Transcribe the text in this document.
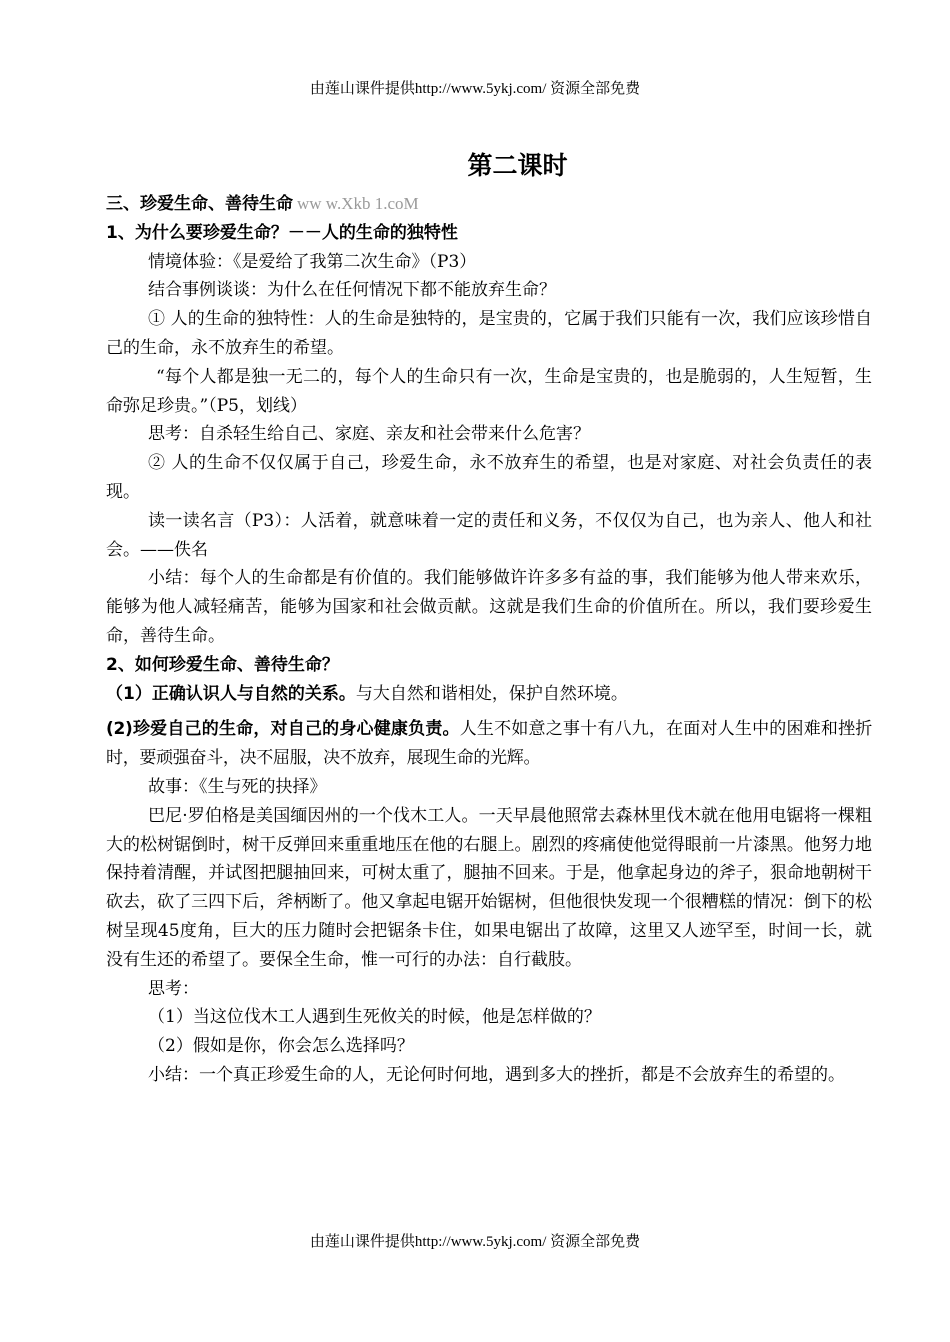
由莲山课件提供http://www.5ykj.com/ 资源全部免费
第二课时

三、珍爱生命、善待生命 ww w.Xkb 1.coM

1、为什么要珍爱生命？－－人的生命的独特性

情境体验：《是爱给了我第二次生命》（P3）

结合事例谈谈：为什么在任何情况下都不能放弃生命？

① 人的生命的独特性：人的生命是独特的，是宝贵的，它属于我们只能有一次，我们应该珍惜自己的生命，永不放弃生的希望。

“每个人都是独一无二的，每个人的生命只有一次，生命是宝贵的，也是脆弱的，人生短暂，生命弥足珍贵。”（P5，划线）

思考：自杀轻生给自己、家庭、亲友和社会带来什么危害？

② 人的生命不仅仅属于自己，珍爱生命，永不放弃生的希望，也是对家庭、对社会负责任的表现。

读一读名言（P3）：人活着，就意味着一定的责任和义务，不仅仅为自己，也为亲人、他人和社会。——佚名

小结：每个人的生命都是有价值的。我们能够做许许多多有益的事，我们能够为他人带来欢乐，能够为他人减轻痛苦，能够为国家和社会做贡献。这就是我们生命的价值所在。所以，我们要珍爱生命，善待生命。

2、如何珍爱生命、善待生命？

（1）正确认识人与自然的关系。与大自然和谐相处，保护自然环境。

(2)珍爱自己的生命，对自己的身心健康负责。人生不如意之事十有八九，在面对人生中的困难和挫折时，要顽强奋斗，决不屈服，决不放弃，展现生命的光辉。

故事：《生与死的抉择》

巴尼·罗伯格是美国缅因州的一个伐木工人。一天早晨他照常去森林里伐木就在他用电锯将一棵粗大的松树锯倒时，树干反弹回来重重地压在他的右腿上。剧烈的疼痛使他觉得眼前一片漆黑。他努力地保持着清醒，并试图把腿抽回来，可树太重了，腿抽不回来。于是，他拿起身边的斧子，狠命地朝树干砍去，砍了三四下后，斧柄断了。他又拿起电锯开始锯树，但他很快发现一个很糟糕的情况：倒下的松树呈现45度角，巨大的压力随时会把锯条卡住，如果电锯出了故障，这里又人迹罕至，时间一长，就没有生还的希望了。要保全生命，惟一可行的办法：自行截肢。

思考：

（1）当这位伐木工人遇到生死攸关的时候，他是怎样做的？

（2）假如是你，你会怎么选择吗？

小结：一个真正珍爱生命的人，无论何时何地，遇到多大的挫折，都是不会放弃生的希望的。

由莲山课件提供http://www.5ykj.com/ 资源全部免费
